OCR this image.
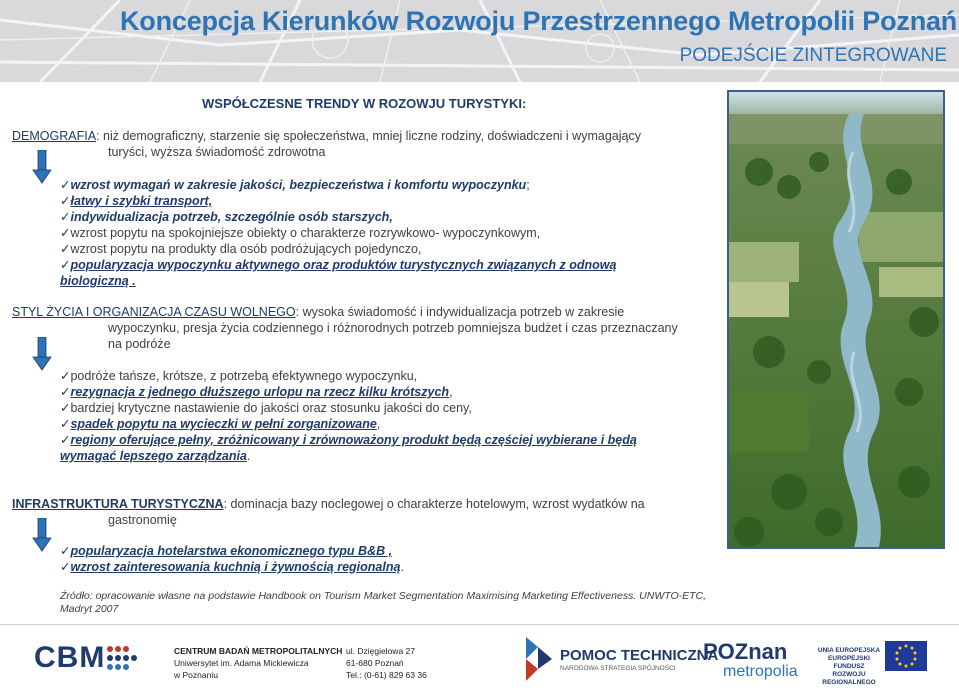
Koncepcja Kierunków Rozwoju Przestrzennego Metropolii Poznań
PODEJŚCIE ZINTEGROWANE
WSPÓŁCZESNE TRENDY W ROZOWJU TURYSTYKI:
DEMOGRAFIA: niż demograficzny, starzenie się społeczeństwa, mniej liczne rodziny, doświadczeni i wymagający
turyści, wyższa świadomość zdrowotna
✓wzrost wymagań w zakresie jakości, bezpieczeństwa i komfortu wypoczynku;
✓łatwy i szybki transport,
✓indywidualizacja potrzeb, szczególnie osób starszych,
✓wzrost popytu na spokojniejsze obiekty o charakterze rozrywkowo- wypoczynkowym,
✓wzrost popytu na produkty dla osób podróżujących pojedynczo,
✓popularyzacja wypoczynku aktywnego oraz produktów turystycznych związanych z odnową
biologiczną .
STYL ŻYCIA I ORGANIZACJA CZASU WOLNEGO: wysoka świadomość i indywidualizacja potrzeb w zakresie
wypoczynku, presja życia codziennego i różnorodnych potrzeb pomniejsza budżet i czas przeznaczany
na podróże
✓podróże tańsze, krótsze, z potrzebą efektywnego wypoczynku,
✓rezygnacja z jednego dłuższego urlopu na rzecz kilku krótszych,
✓bardziej krytyczne nastawienie do jakości oraz stosunku jakości do ceny,
✓spadek popytu na wycieczki w pełni zorganizowane,
✓regiony oferujące pełny, zróżnicowany i zrównoważony produkt będą częściej wybierane i będą
wymagać lepszego zarządzania.
INFRASTRUKTURA TURYSTYCZNA: dominacja bazy noclegowej o charakterze hotelowym, wzrost wydatków na
gastronomię
✓popularyzacja hotelarstwa ekonomicznego typu B&B ,
✓wzrost zainteresowania kuchnią i żywnością regionalną.
Źródło: opracowanie własne na podstawie Handbook on Tourism Market Segmentation Maximising Marketing Effectiveness. UNWTO-ETC, Madryt 2007
CBM	CENTRUM BADAŃ METROPOLITALNYCH
Uniwersytet im. Adama Mickiewicza
w Poznaniu
ul. Dzięgielowa 27
61-680 Poznań
Tel.: (0-61) 829 63 36
POMOC TECHNICZNA
NARODOWA STRATEGIA SPÓJNOŚCI
POZnan
metropolia
UNIA EUROPEJSKA
EUROPEJSKI FUNDUSZ
ROZWOJU REGIONALNEGO
